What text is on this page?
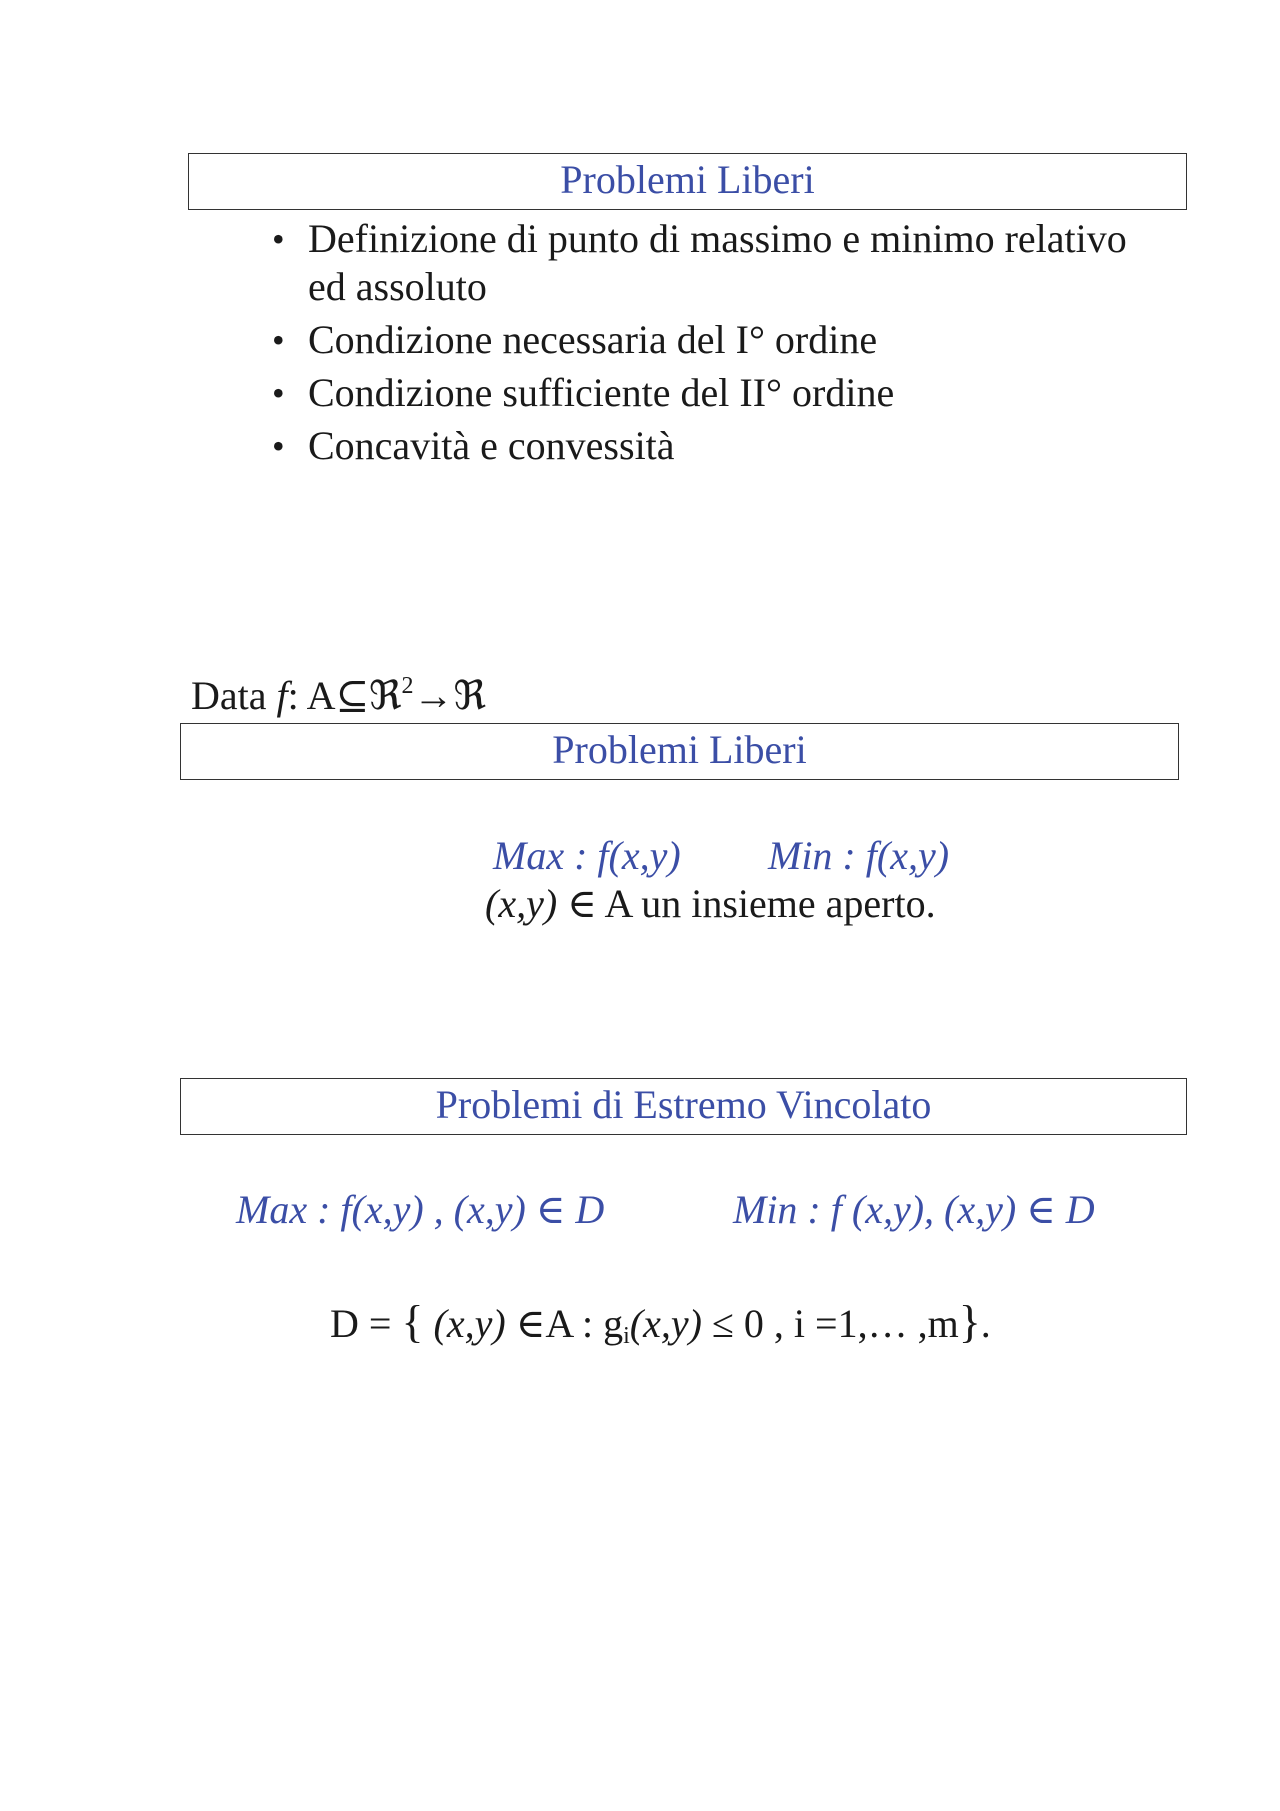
Problemi Liberi
• Definizione di punto di massimo e minimo relativo ed assoluto
• Condizione necessaria del I° ordine
• Condizione sufficiente del II° ordine
• Concavità e convessità
Data f: A⊆ℜ$^2$→ℜ
Problemi Liberi
Max : f(x,y) Min : f(x,y)
(x,y) ∈ A un insieme aperto.
Problemi di Estremo Vincolato
Max : f(x,y) , (x,y) ∈ D	Min : f (x,y), (x,y) ∈ D
D = { (x,y) ∈A : $g_i(x,y) \le 0$ , i =1,… ,m}.
